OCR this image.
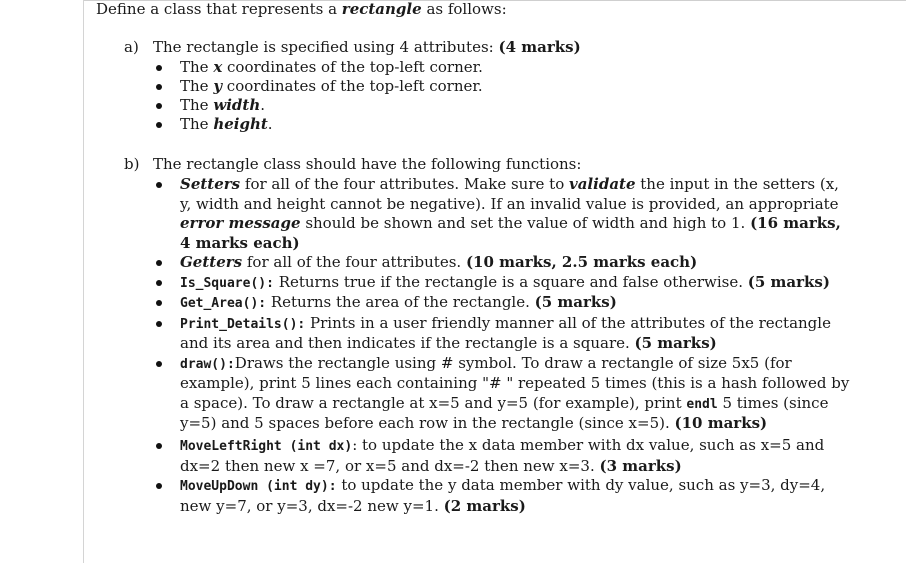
Define a class that represents a rectangle as follows:
a) The rectangle is specified using 4 attributes: (4 marks)
The x coordinates of the top-left corner.
The y coordinates of the top-left corner.
The width.
The height.
b) The rectangle class should have the following functions:
Setters for all of the four attributes. Make sure to validate the input in the setters (x, y, width and height cannot be negative). If an invalid value is provided, an appropriate error message should be shown and set the value of width and high to 1. (16 marks, 4 marks each)
Getters for all of the four attributes. (10 marks, 2.5 marks each)
Is_Square(): Returns true if the rectangle is a square and false otherwise. (5 marks)
Get_Area(): Returns the area of the rectangle. (5 marks)
Print_Details(): Prints in a user friendly manner all of the attributes of the rectangle and its area and then indicates if the rectangle is a square. (5 marks)
draw():Draws the rectangle using # symbol. To draw a rectangle of size 5x5 (for example), print 5 lines each containing "# " repeated 5 times (this is a hash followed by a space). To draw a rectangle at x=5 and y=5 (for example), print endl 5 times (since y=5) and 5 spaces before each row in the rectangle (since x=5). (10 marks)
MoveLeftRight (int dx): to update the x data member with dx value, such as x=5 and dx=2 then new x =7, or x=5 and dx=-2 then new x=3. (3 marks)
MoveUpDown (int dy): to update the y data member with dy value, such as y=3, dy=4, new y=7, or y=3, dx=-2 new y=1. (2 marks)
